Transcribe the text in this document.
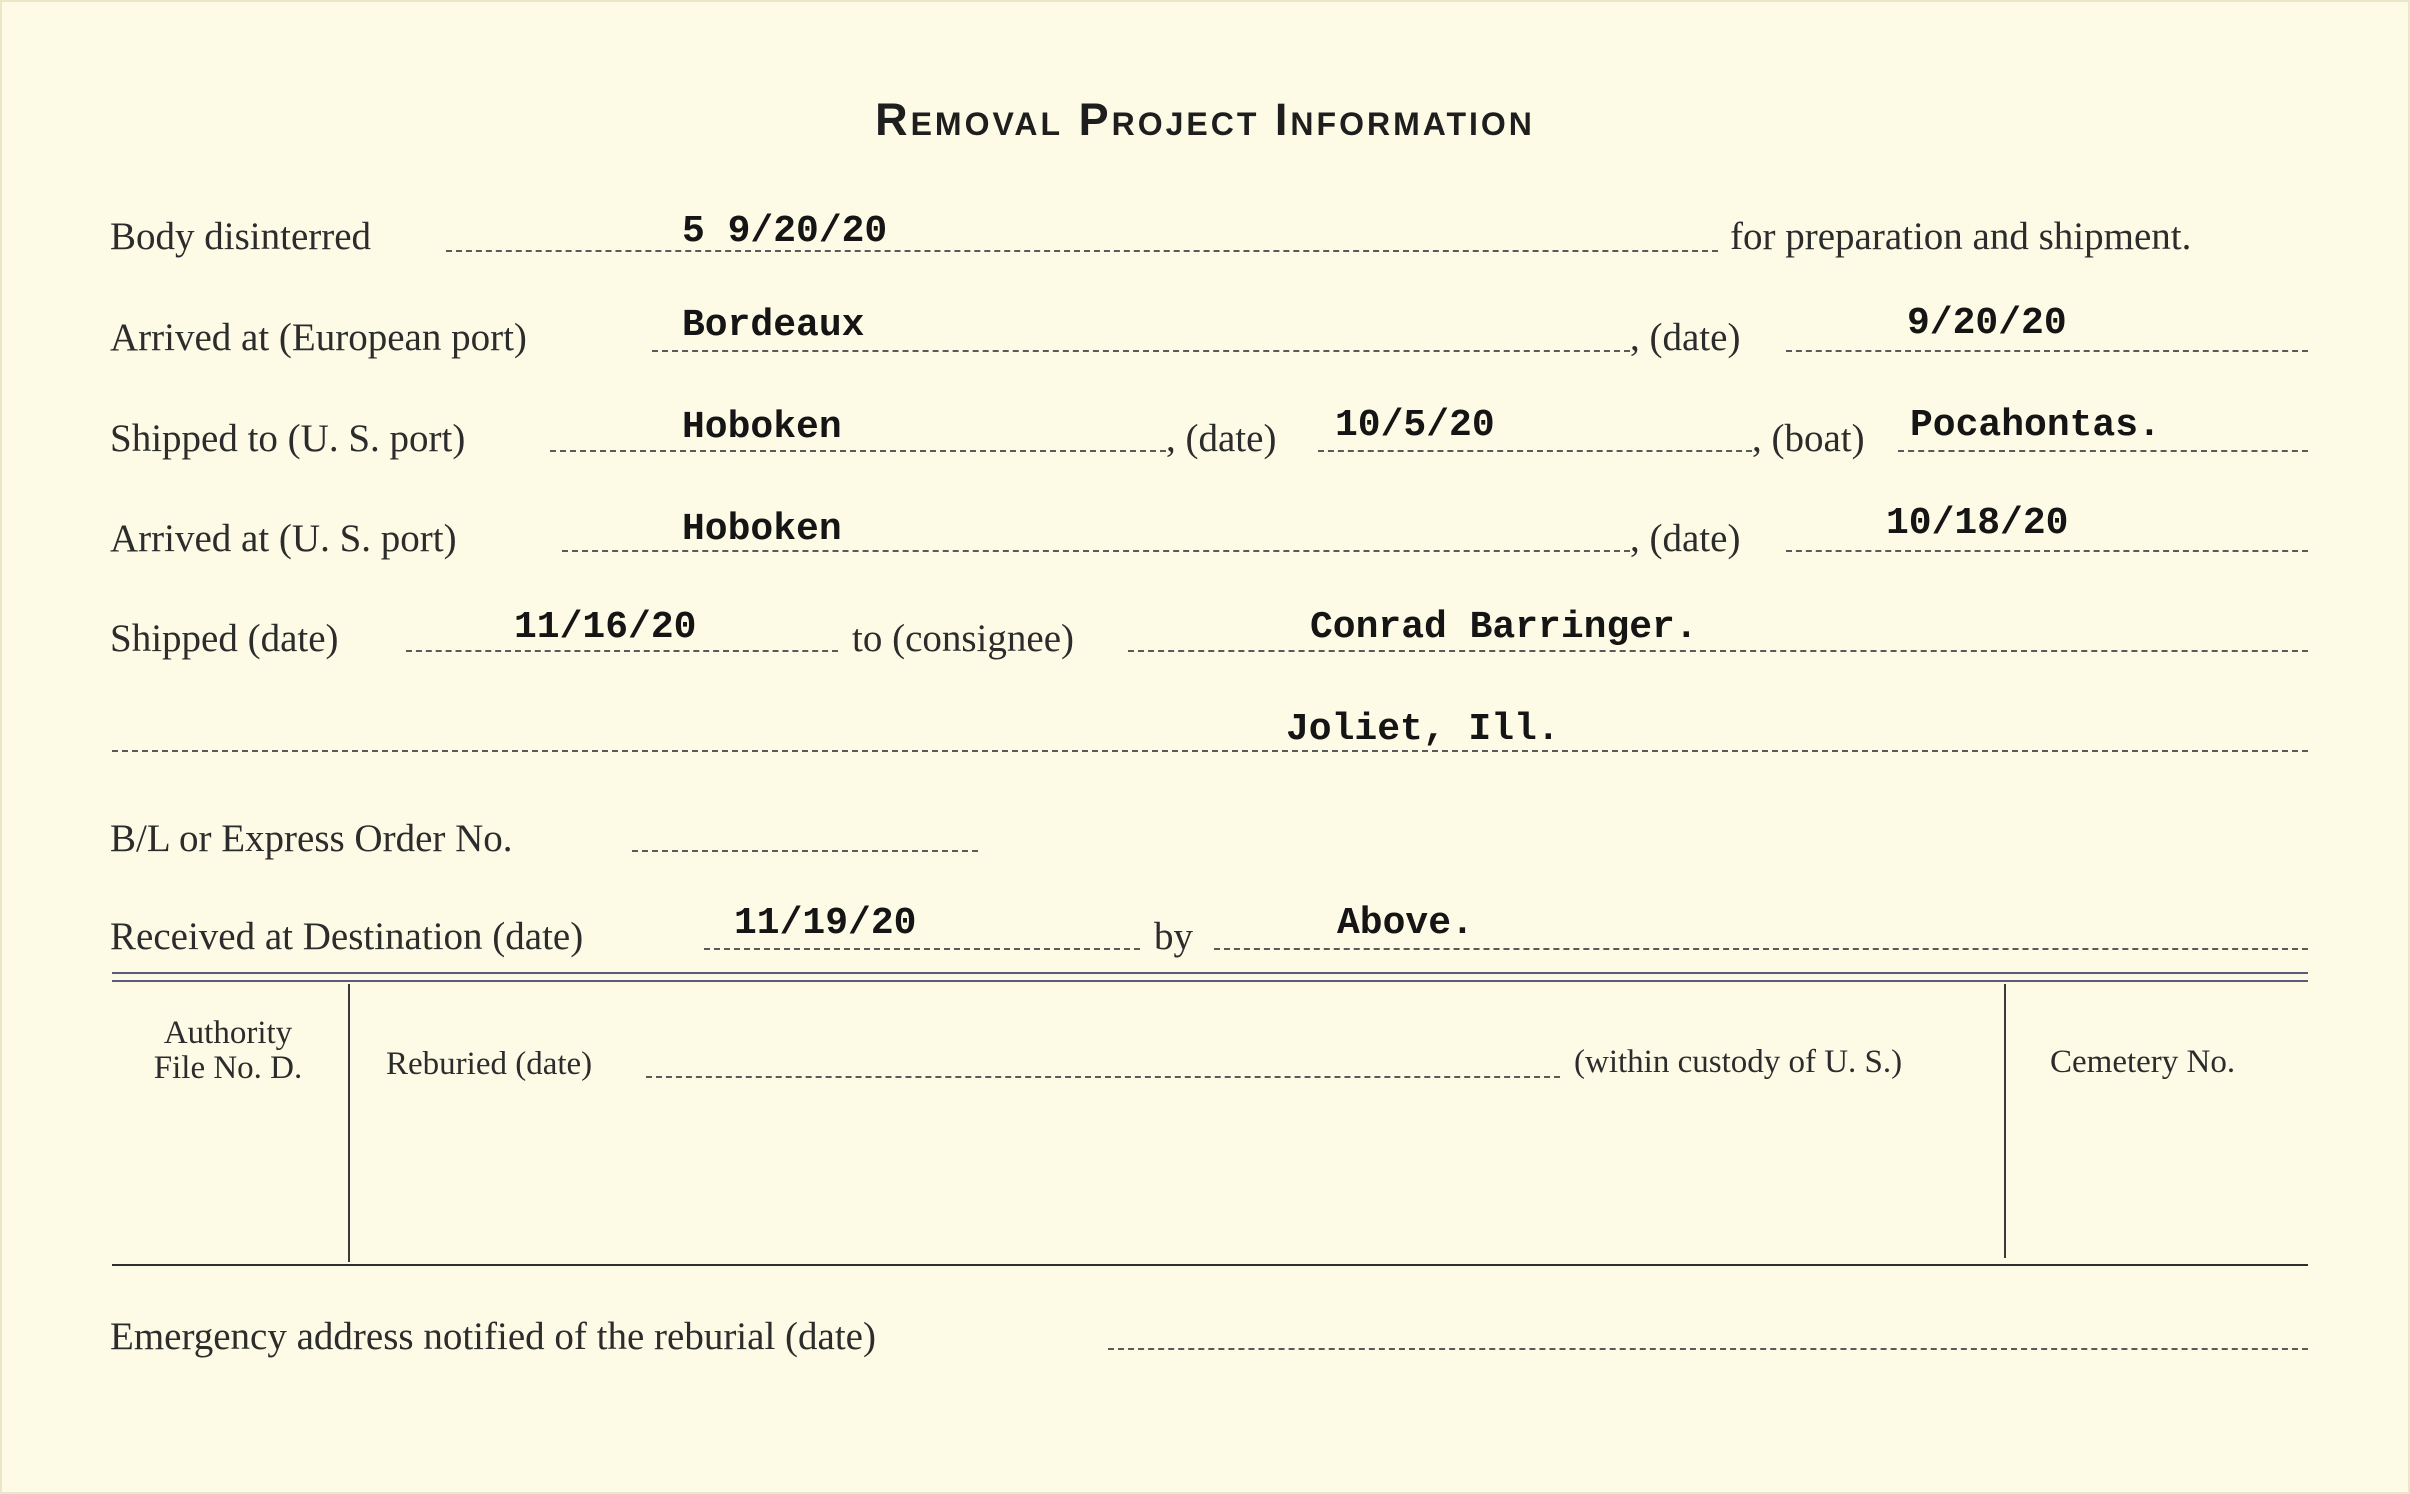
Removal Project Information
Body disinterred	5 9/20/20	for preparation and shipment.
Arrived at (European port)	Bordeaux	, (date)	9/20/20
Shipped to (U. S. port)	Hoboken	, (date) 10/5/20	, (boat) Pocahontas.
Arrived at (U. S. port)	Hoboken	, (date)	10/18/20
Shipped (date)	11/16/20	to (consignee)	Conrad Barringer.
Joliet, Ill.
B/L or Express Order No.
Received at Destination (date)	11/19/20	by	Above.
Authority
File No. D.	Reburied (date)	(within custody of U. S.)	Cemetery No.
Emergency address notified of the reburial (date)
